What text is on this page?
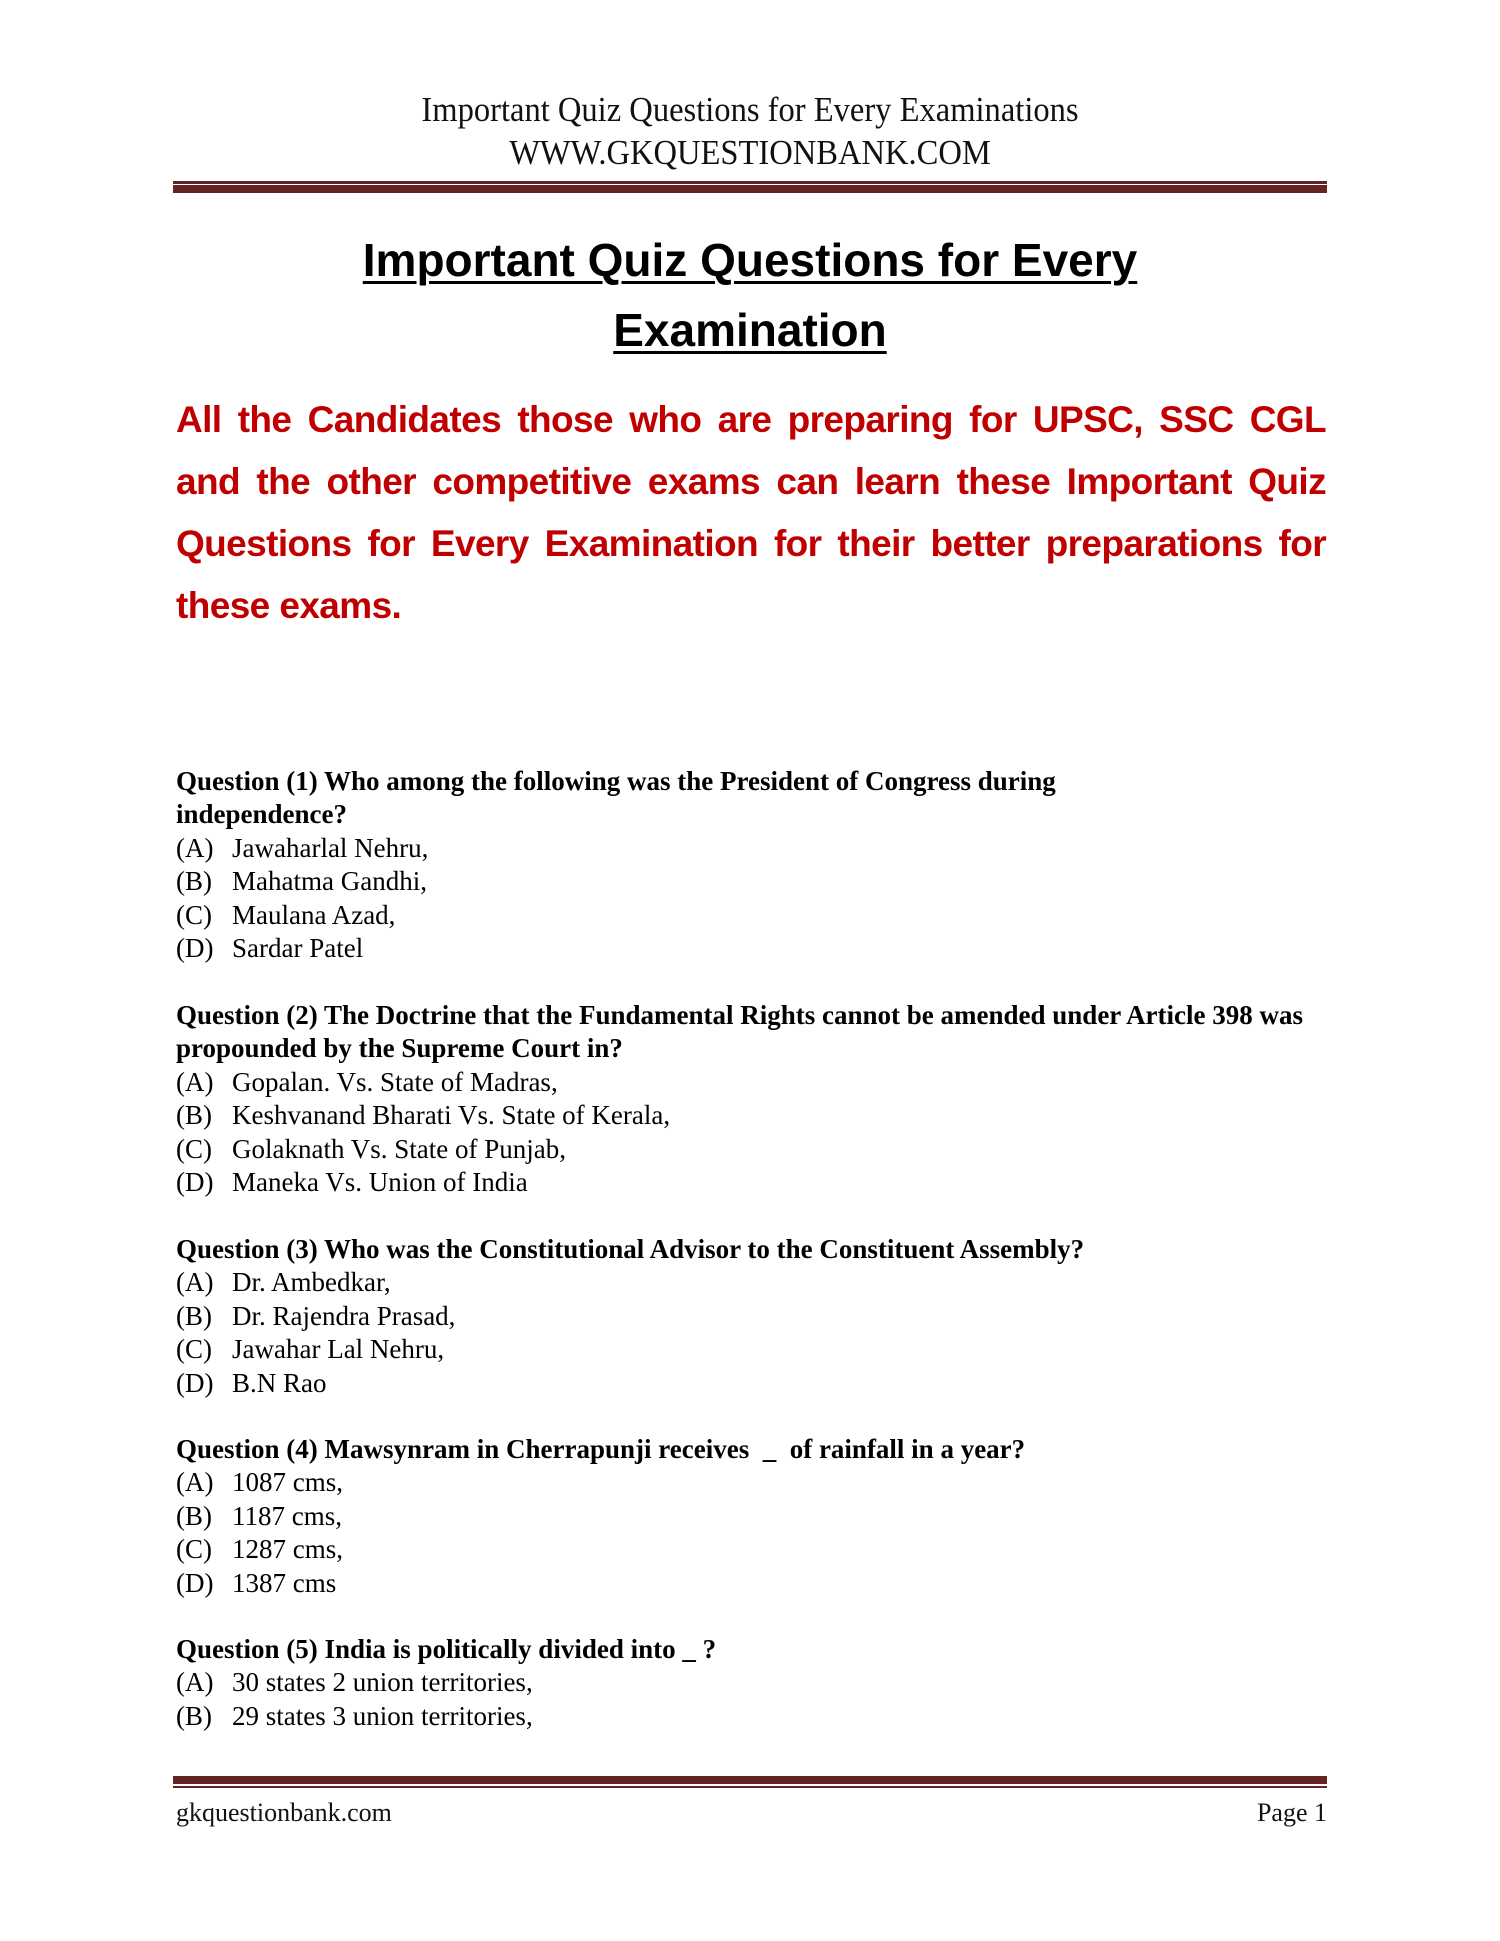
Important Quiz Questions for Every Examinations
WWW.GKQUESTIONBANK.COM
Important Quiz Questions for Every
Examination
All the Candidates those who are preparing for UPSC, SSC CGL and the other competitive exams can learn these Important Quiz Questions for Every Examination for their better preparations for these exams.
Question (1) Who among the following was the President of Congress during independence?
(A) Jawaharlal Nehru,
(B) Mahatma Gandhi,
(C) Maulana Azad,
(D) Sardar Patel
Question (2) The Doctrine that the Fundamental Rights cannot be amended under Article 398 was propounded by the Supreme Court in?
(A) Gopalan. Vs. State of Madras,
(B) Keshvanand Bharati Vs. State of Kerala,
(C) Golaknath Vs. State of Punjab,
(D) Maneka Vs. Union of India
Question (3) Who was the Constitutional Advisor to the Constituent Assembly?
(A) Dr. Ambedkar,
(B) Dr. Rajendra Prasad,
(C) Jawahar Lal Nehru,
(D) B.N Rao
Question (4) Mawsynram in Cherrapunji receives  _  of rainfall in a year?
(A) 1087 cms,
(B) 1187 cms,
(C) 1287 cms,
(D) 1387 cms
Question (5) India is politically divided into _ ?
(A) 30 states 2 union territories,
(B) 29 states 3 union territories,
gkquestionbank.com	Page 1
